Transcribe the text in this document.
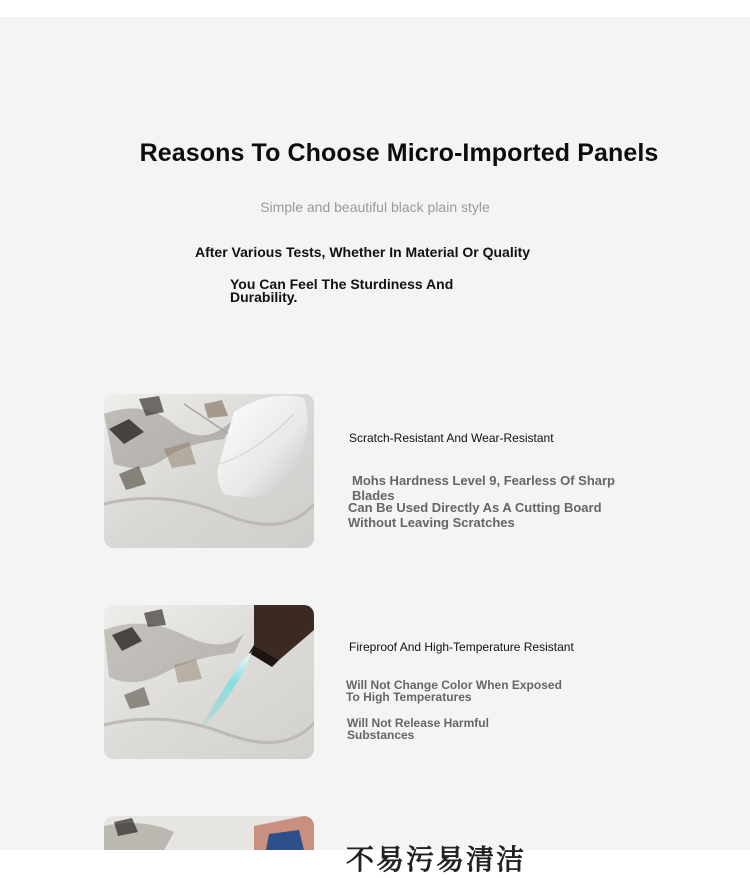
Reasons To Choose Micro-Imported Panels
Simple and beautiful black plain style
After Various Tests, Whether In Material Or Quality
You Can Feel The Sturdiness And Durability.
Scratch-Resistant And Wear-Resistant
Mohs Hardness Level 9, Fearless Of Sharp Blades
Can Be Used Directly As A Cutting Board Without Leaving Scratches
Fireproof And High-Temperature Resistant
Will Not Change Color When Exposed To High Temperatures
Will Not Release Harmful Substances
不易污易清洁
